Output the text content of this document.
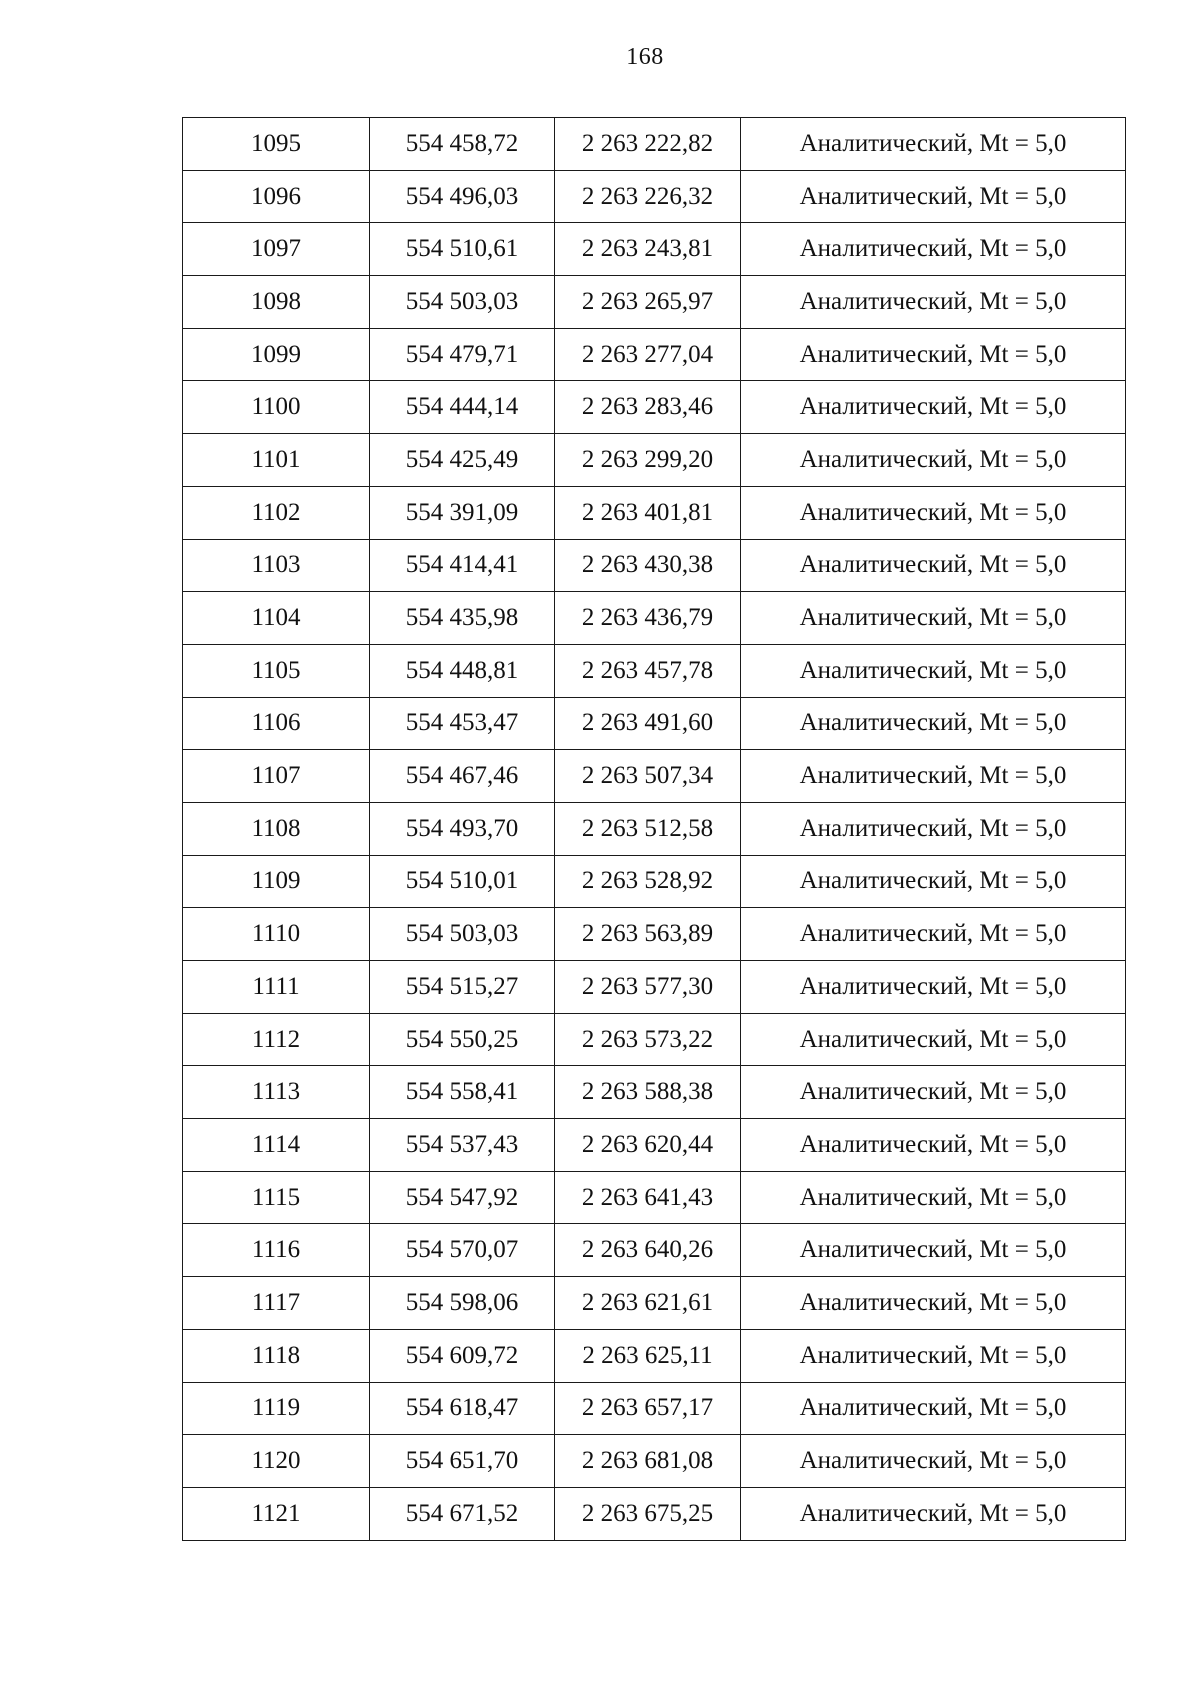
168
1095	554 458,72	2 263 222,82	Аналитический, Mt = 5,0
1096	554 496,03	2 263 226,32	Аналитический, Mt = 5,0
1097	554 510,61	2 263 243,81	Аналитический, Mt = 5,0
1098	554 503,03	2 263 265,97	Аналитический, Mt = 5,0
1099	554 479,71	2 263 277,04	Аналитический, Mt = 5,0
1100	554 444,14	2 263 283,46	Аналитический, Mt = 5,0
1101	554 425,49	2 263 299,20	Аналитический, Mt = 5,0
1102	554 391,09	2 263 401,81	Аналитический, Mt = 5,0
1103	554 414,41	2 263 430,38	Аналитический, Mt = 5,0
1104	554 435,98	2 263 436,79	Аналитический, Mt = 5,0
1105	554 448,81	2 263 457,78	Аналитический, Mt = 5,0
1106	554 453,47	2 263 491,60	Аналитический, Mt = 5,0
1107	554 467,46	2 263 507,34	Аналитический, Mt = 5,0
1108	554 493,70	2 263 512,58	Аналитический, Mt = 5,0
1109	554 510,01	2 263 528,92	Аналитический, Mt = 5,0
1110	554 503,03	2 263 563,89	Аналитический, Mt = 5,0
1111	554 515,27	2 263 577,30	Аналитический, Mt = 5,0
1112	554 550,25	2 263 573,22	Аналитический, Mt = 5,0
1113	554 558,41	2 263 588,38	Аналитический, Mt = 5,0
1114	554 537,43	2 263 620,44	Аналитический, Mt = 5,0
1115	554 547,92	2 263 641,43	Аналитический, Mt = 5,0
1116	554 570,07	2 263 640,26	Аналитический, Mt = 5,0
1117	554 598,06	2 263 621,61	Аналитический, Mt = 5,0
1118	554 609,72	2 263 625,11	Аналитический, Mt = 5,0
1119	554 618,47	2 263 657,17	Аналитический, Mt = 5,0
1120	554 651,70	2 263 681,08	Аналитический, Mt = 5,0
1121	554 671,52	2 263 675,25	Аналитический, Mt = 5,0
